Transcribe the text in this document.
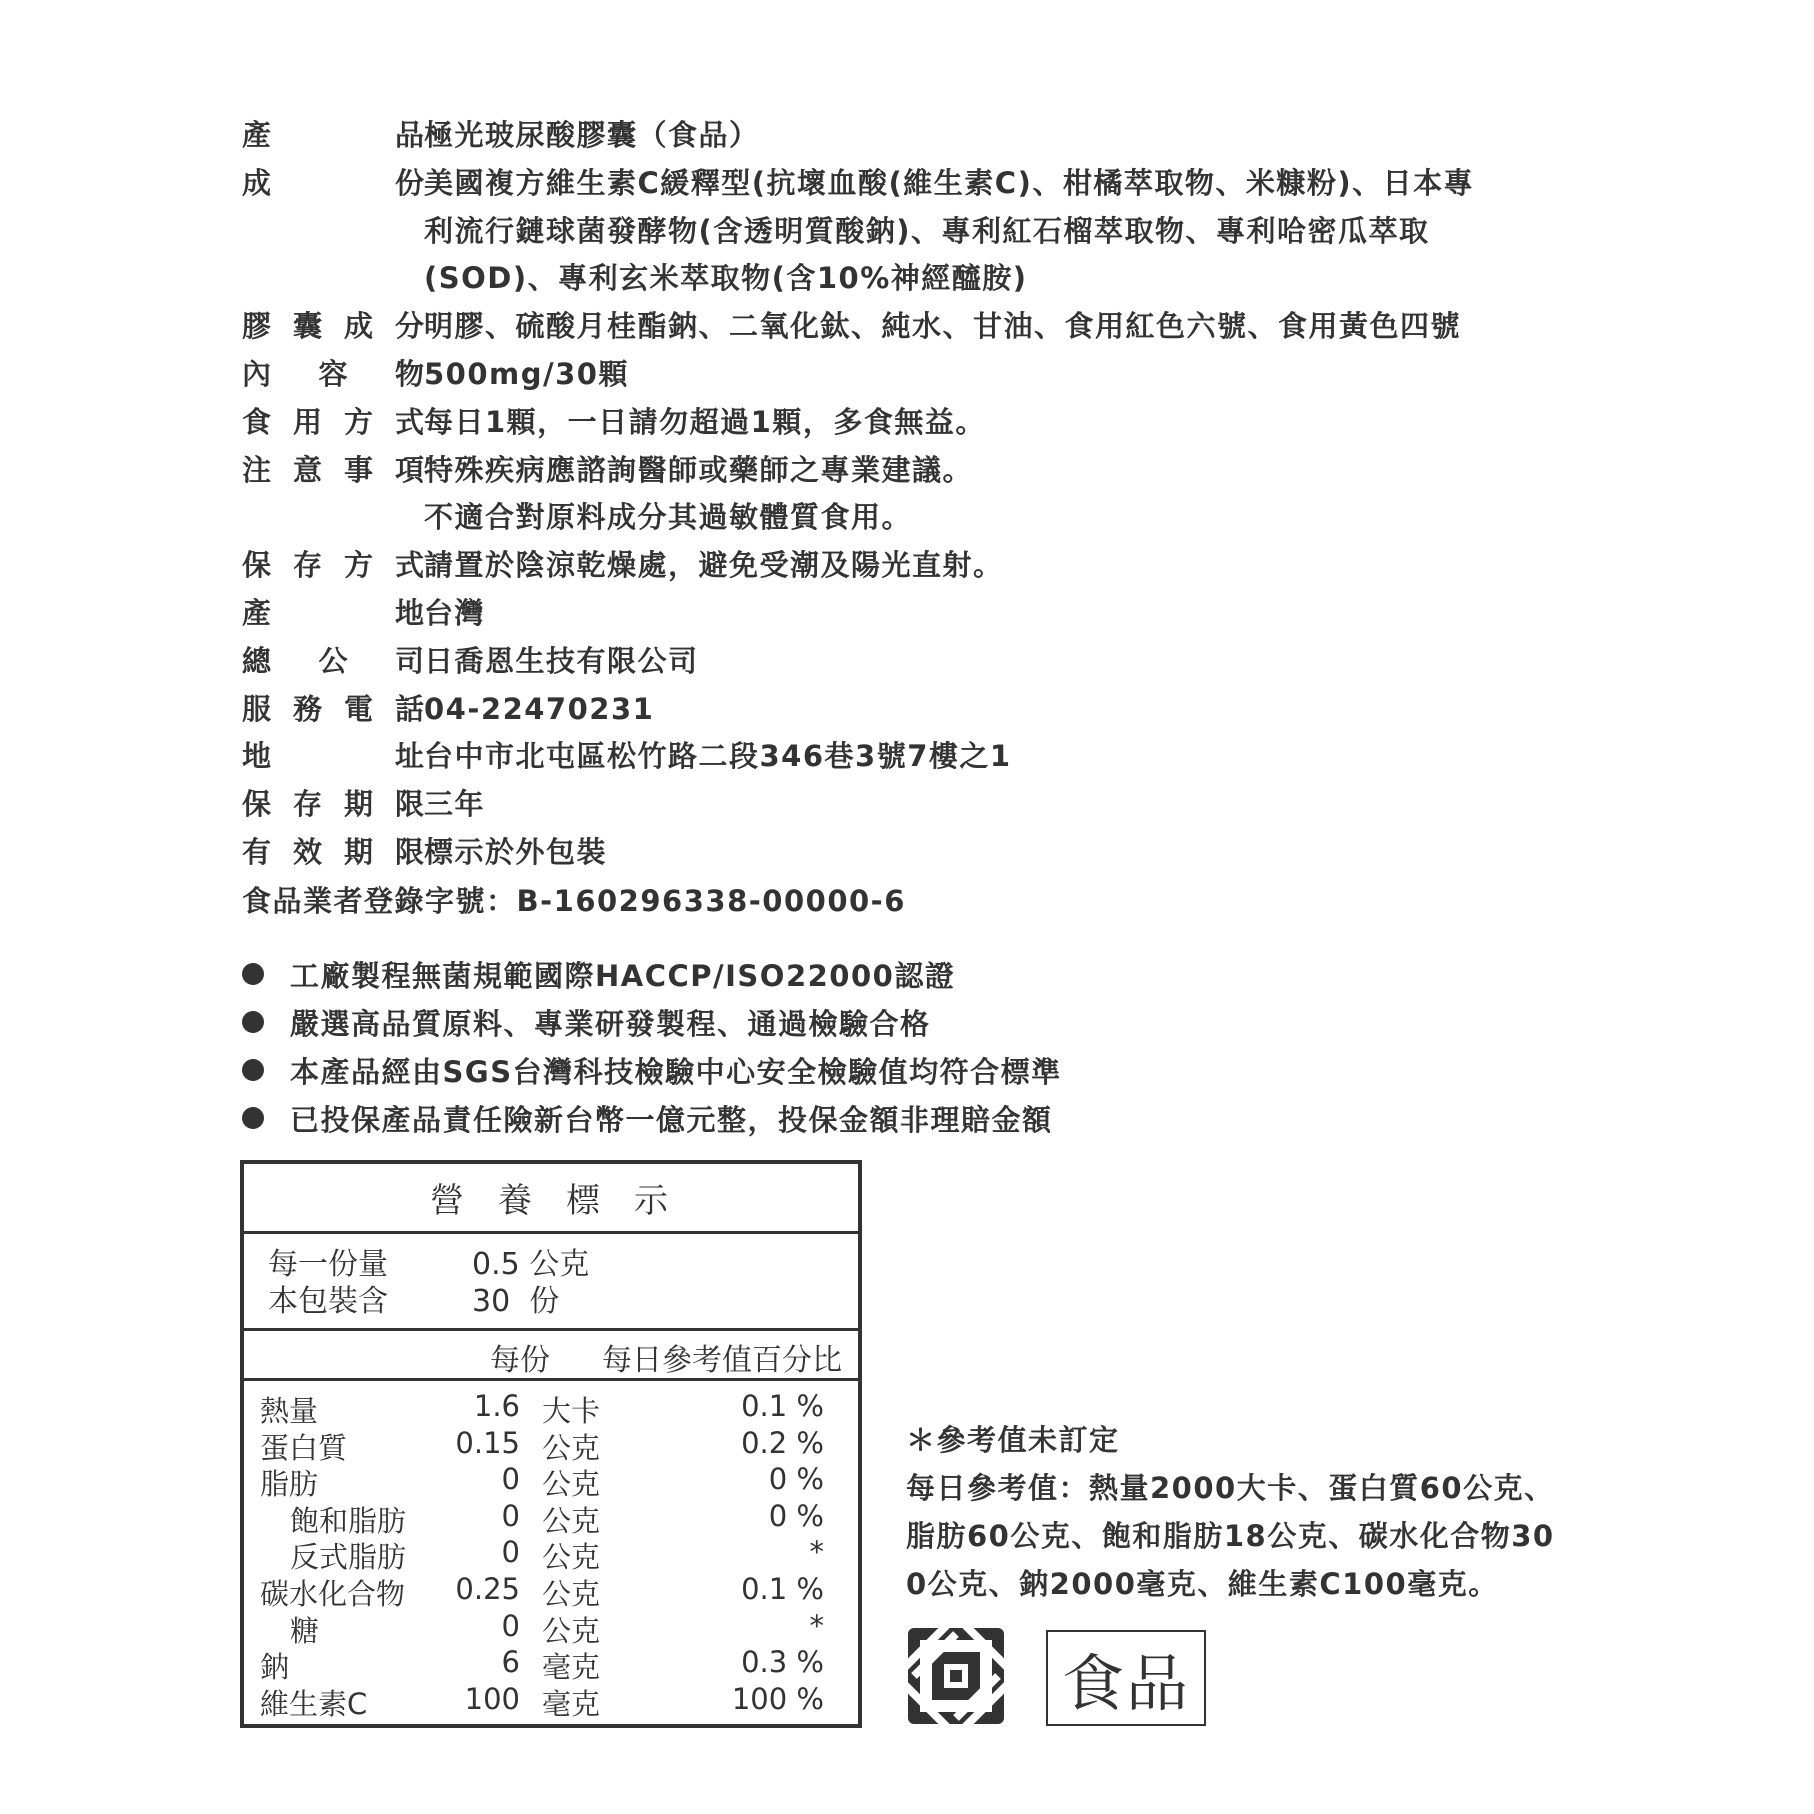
產	品 極光玻尿酸膠囊（食品）
成	份 美國複方維生素C緩釋型(抗壞血酸(維生素C)、柑橘萃取物、米糠粉)、日本專
利流行鏈球菌發酵物(含透明質酸鈉)、專利紅石榴萃取物、專利哈密瓜萃取
(SOD)、專利玄米萃取物(含10%神經醯胺)
膠 囊 成 分 明膠、硫酸月桂酯鈉、二氧化鈦、純水、甘油、食用紅色六號、食用黃色四號
內 容 物 500mg/30顆
食 用 方 式 每日1顆，一日請勿超過1顆，多食無益。
注 意 事 項 特殊疾病應諮詢醫師或藥師之專業建議。
不適合對原料成分其過敏體質食用。
保 存 方 式 請置於陰涼乾燥處，避免受潮及陽光直射。
產	地 台灣
總 公 司 日喬恩生技有限公司
服 務 電 話 04-22470231
地	址 台中市北屯區松竹路二段346巷3號7樓之1
保 存 期 限 三年
有 效 期 限 標示於外包裝
食品業者登錄字號：B-160296338-00000-6
工廠製程無菌規範國際HACCP/ISO22000認證
嚴選高品質原料、專業研發製程、通過檢驗合格
本產品經由SGS台灣科技檢驗中心安全檢驗值均符合標準
已投保產品責任險新台幣一億元整，投保金額非理賠金額
營養標示
每一份量	0.5 公克
本包裝含	30  份
每份 每日參考值百分比
熱量	1.6 大卡	0.1 %
蛋白質	0.15 公克	0.2 %
脂肪	0 公克	0 %
飽和脂肪	0 公克	0 %
反式脂肪	0 公克	*
碳水化合物 0.25 公克	0.1 %
糖	0 公克	*
鈉	6 毫克	0.3 %
維生素C	100 毫克	100 %
＊參考值未訂定
每日參考值：熱量2000大卡、蛋白質60公克、
脂肪60公克、飽和脂肪18公克、碳水化合物30
0公克、鈉2000毫克、維生素C100毫克。
食品
